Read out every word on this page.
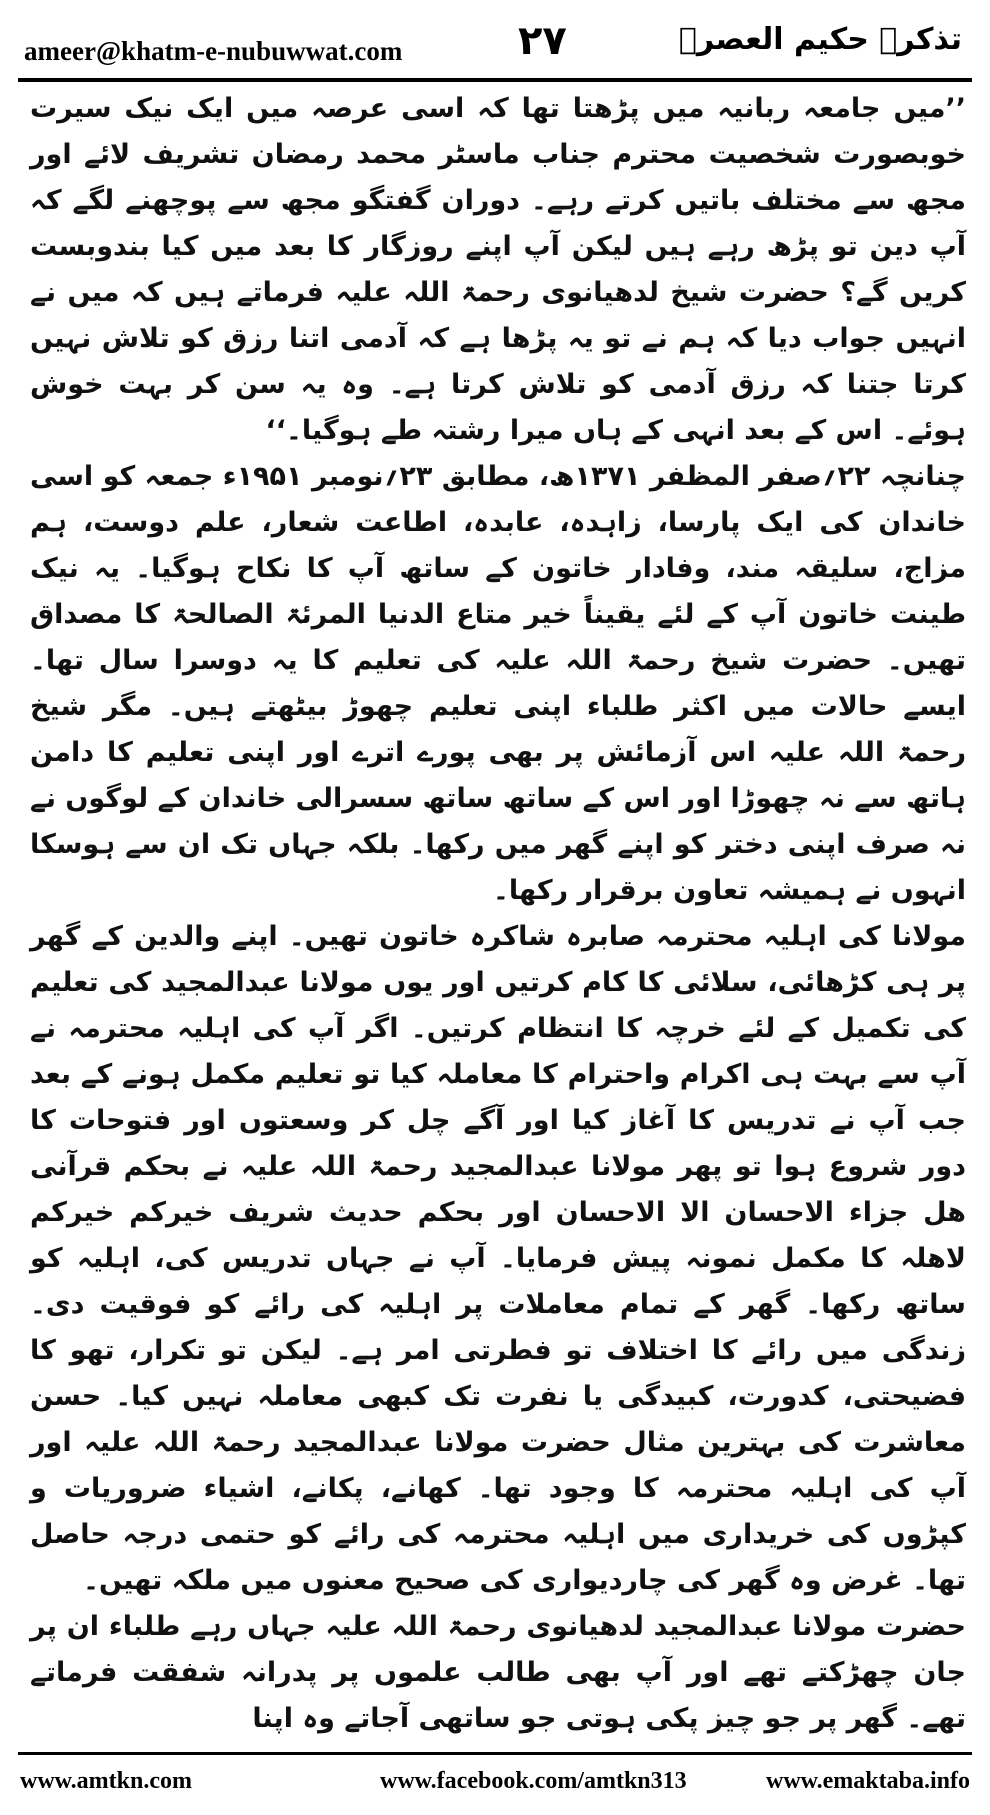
ameer@khatm-e-nubuwwat.com	۲۷	تذکرہ حکیم العصرؒ

’’میں جامعہ ربانیہ میں پڑھتا تھا کہ اسی عرصہ میں ایک نیک سیرت خوبصورت شخصیت محترم جناب ماسٹر محمد رمضان تشریف لائے اور مجھ سے مختلف باتیں کرتے رہے۔ دوران گفتگو مجھ سے پوچھنے لگے کہ آپ دین تو پڑھ رہے ہیں لیکن آپ اپنے روزگار کا بعد میں کیا بندوبست کریں گے؟ حضرت شیخ لدھیانوی رحمۃ اللہ علیہ فرماتے ہیں کہ میں نے انہیں جواب دیا کہ ہم نے تو یہ پڑھا ہے کہ آدمی اتنا رزق کو تلاش نہیں کرتا جتنا کہ رزق آدمی کو تلاش کرتا ہے۔ وہ یہ سن کر بہت خوش ہوئے۔ اس کے بعد انہی کے ہاں میرا رشتہ طے ہوگیا۔‘‘

چنانچہ ۲۲؍صفر المظفر ۱۳۷۱ھ، مطابق ۲۳؍نومبر ۱۹۵۱ء جمعہ کو اسی خاندان کی ایک پارسا، زاہدہ، عابدہ، اطاعت شعار، علم دوست، ہم مزاج، سلیقہ مند، وفادار خاتون کے ساتھ آپ کا نکاح ہوگیا۔ یہ نیک طینت خاتون آپ کے لئے یقیناً خیر متاع الدنیا المرئۃ الصالحۃ کا مصداق تھیں۔ حضرت شیخ رحمۃ اللہ علیہ کی تعلیم کا یہ دوسرا سال تھا۔ ایسے حالات میں اکثر طلباء اپنی تعلیم چھوڑ بیٹھتے ہیں۔ مگر شیخ رحمۃ اللہ علیہ اس آزمائش پر بھی پورے اترے اور اپنی تعلیم کا دامن ہاتھ سے نہ چھوڑا اور اس کے ساتھ ساتھ سسرالی خاندان کے لوگوں نے نہ صرف اپنی دختر کو اپنے گھر میں رکھا۔ بلکہ جہاں تک ان سے ہوسکا انہوں نے ہمیشہ تعاون برقرار رکھا۔

مولانا کی اہلیہ محترمہ صابرہ شاکرہ خاتون تھیں۔ اپنے والدین کے گھر پر ہی کڑھائی، سلائی کا کام کرتیں اور یوں مولانا عبدالمجید کی تعلیم کی تکمیل کے لئے خرچہ کا انتظام کرتیں۔ اگر آپ کی اہلیہ محترمہ نے آپ سے بہت ہی اکرام واحترام کا معاملہ کیا تو تعلیم مکمل ہونے کے بعد جب آپ نے تدریس کا آغاز کیا اور آگے چل کر وسعتوں اور فتوحات کا دور شروع ہوا تو پھر مولانا عبدالمجید رحمۃ اللہ علیہ نے بحکم قرآنی ھل جزاء الاحسان الا الاحسان اور بحکم حدیث شریف خیرکم خیرکم لاھلہ کا مکمل نمونہ پیش فرمایا۔ آپ نے جہاں تدریس کی، اہلیہ کو ساتھ رکھا۔ گھر کے تمام معاملات پر اہلیہ کی رائے کو فوقیت دی۔ زندگی میں رائے کا اختلاف تو فطرتی امر ہے۔ لیکن تو تکرار، تھو کا فضیحتی، کدورت، کبیدگی یا نفرت تک کبھی معاملہ نہیں کیا۔ حسن معاشرت کی بہترین مثال حضرت مولانا عبدالمجید رحمۃ اللہ علیہ اور آپ کی اہلیہ محترمہ کا وجود تھا۔ کھانے، پکانے، اشیاء ضروریات و کپڑوں کی خریداری میں اہلیہ محترمہ کی رائے کو حتمی درجہ حاصل تھا۔ غرض وہ گھر کی چاردیواری کی صحیح معنوں میں ملکہ تھیں۔

حضرت مولانا عبدالمجید لدھیانوی رحمۃ اللہ علیہ جہاں رہے طلباء ان پر جان چھڑکتے تھے اور آپ بھی طالب علموں پر پدرانہ شفقت فرماتے تھے۔ گھر پر جو چیز پکی ہوتی جو ساتھی آجاتے وہ اپنا

www.amtkn.com	www.facebook.com/amtkn313	www.emaktaba.info
